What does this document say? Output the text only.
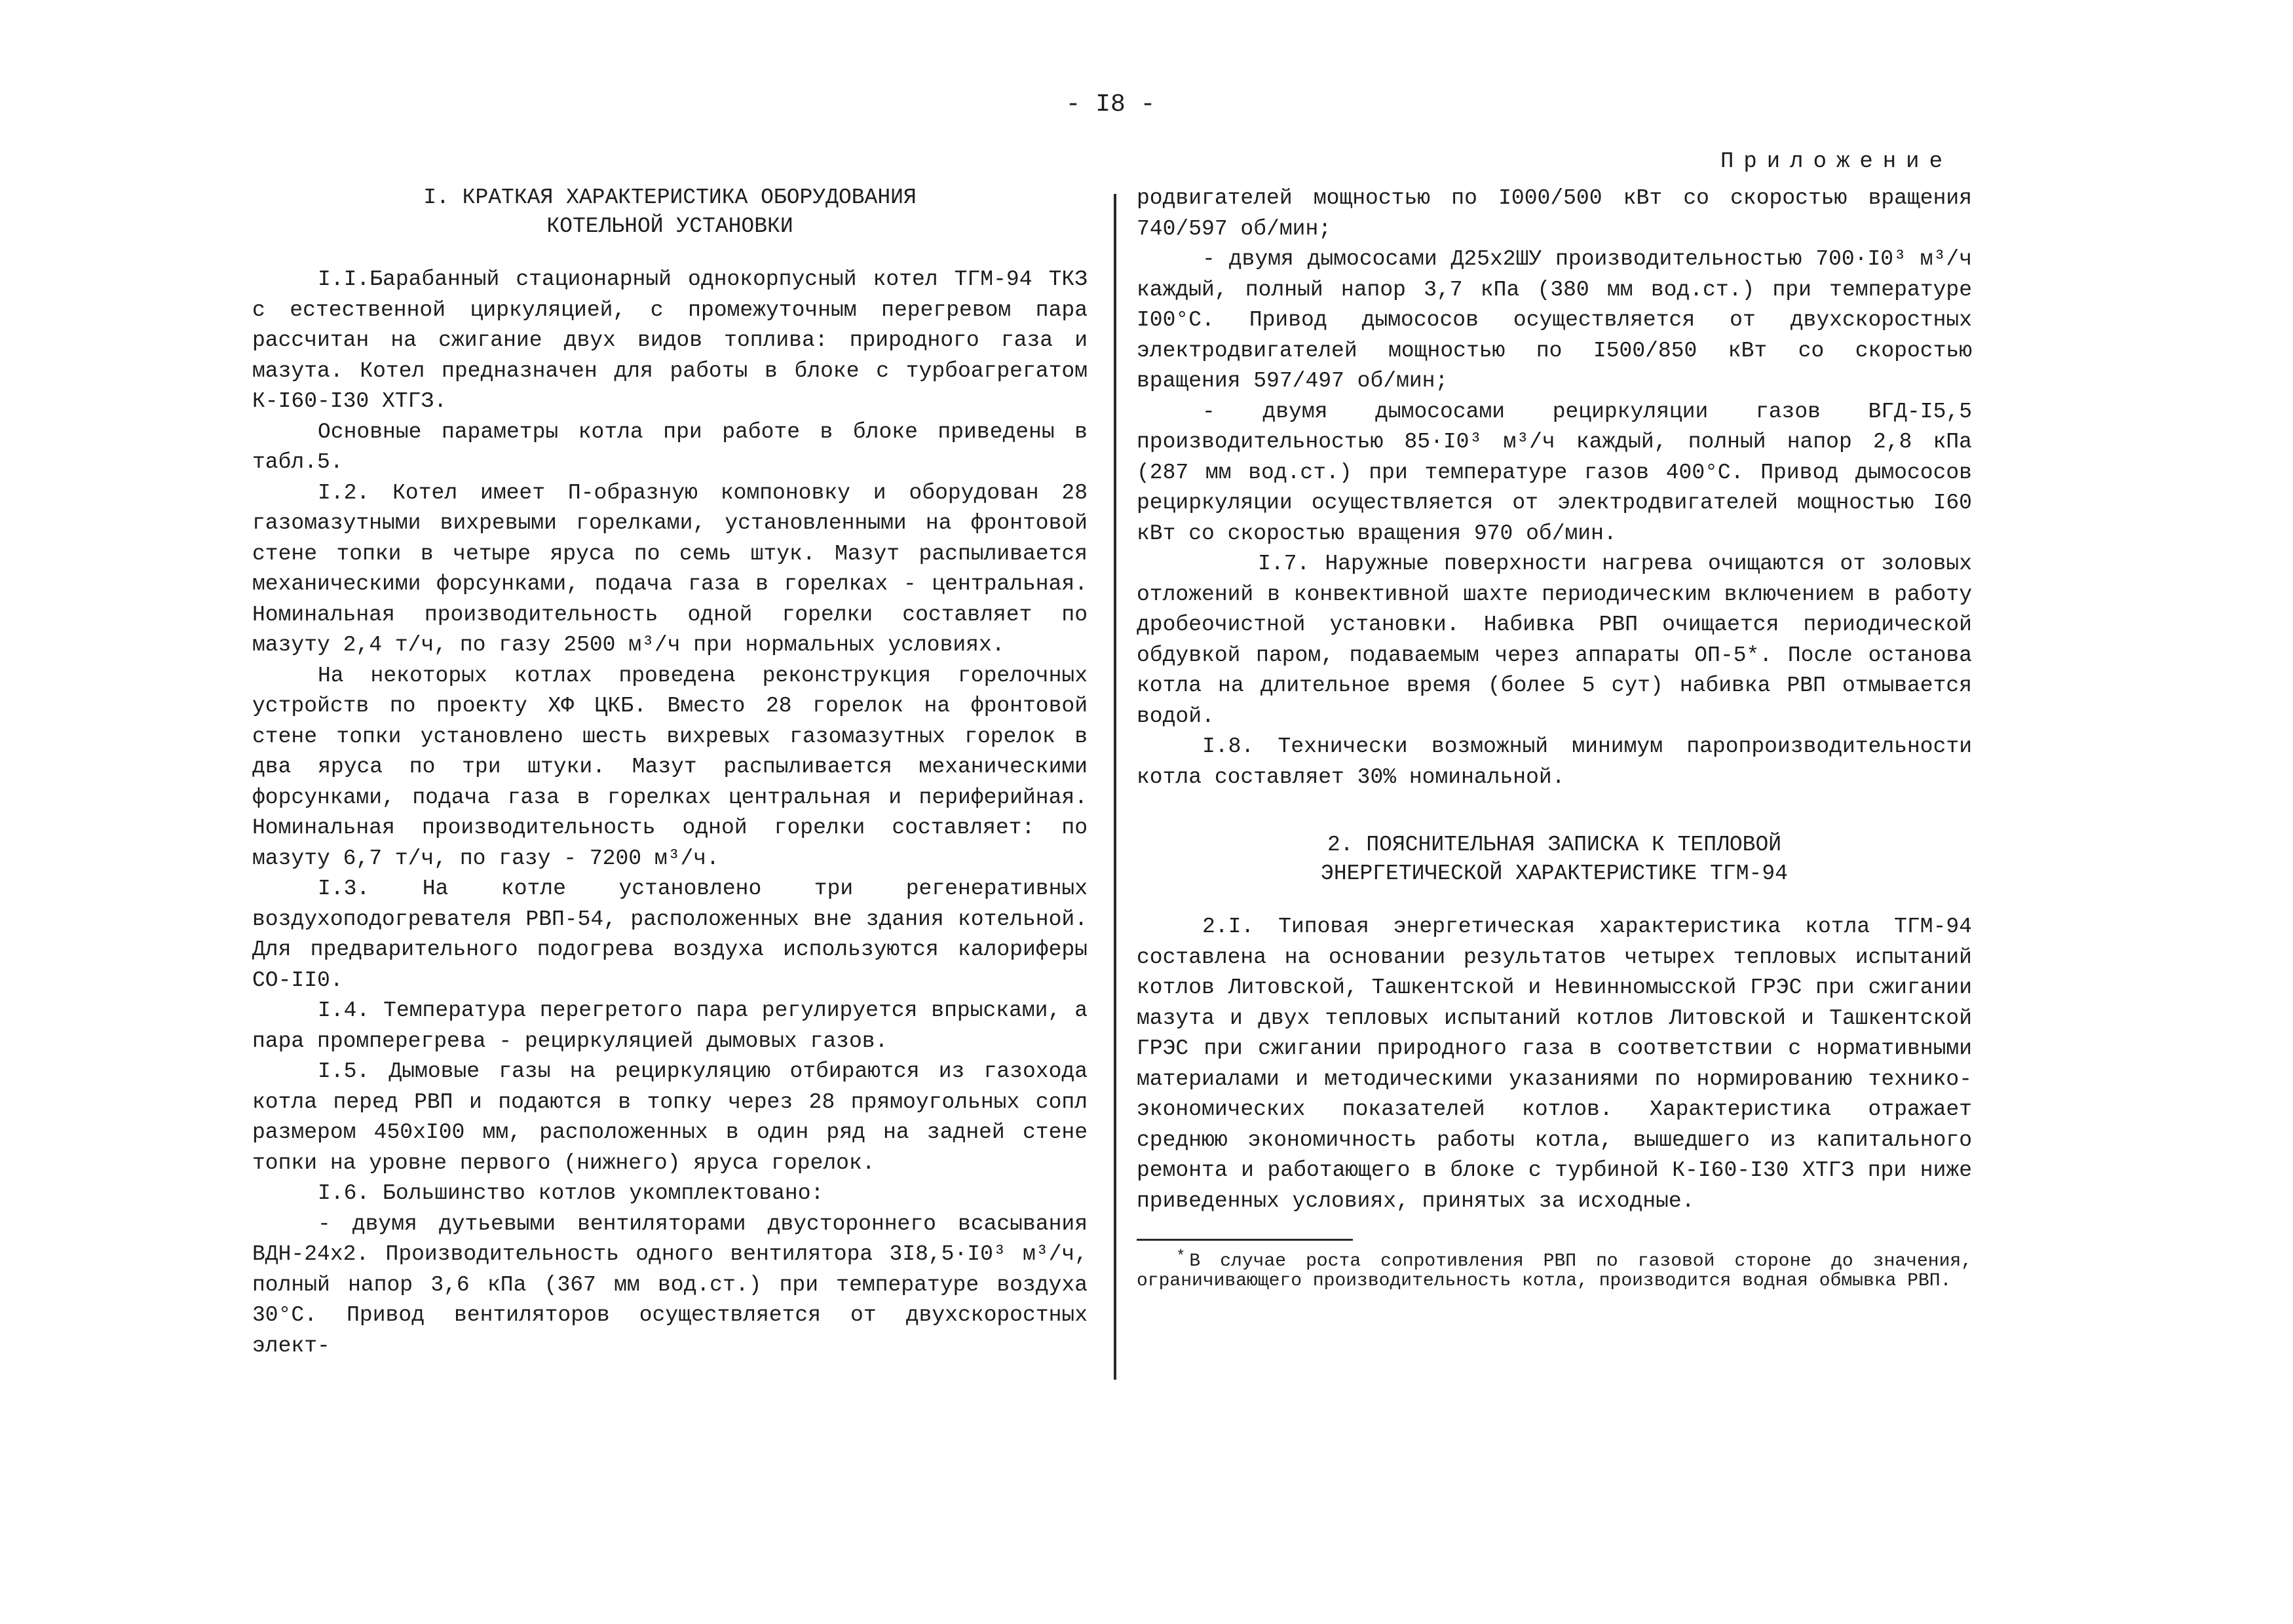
- I8 -
Приложение

I. КРАТКАЯ ХАРАКТЕРИСТИКА ОБОРУДОВАНИЯ

КОТЕЛЬНОЙ УСТАНОВКИ

I.I.Барабанный стационарный однокорпусный котел ТГМ-94 ТКЗ с естественной циркуляцией, с промежуточным перегревом пара рассчитан на сжигание двух видов топлива: природного газа и мазута. Котел предназначен для работы в блоке с турбоагрегатом К-I60-I30 ХТГЗ.

Основные параметры котла при работе в блоке приведены в табл.5.

I.2. Котел имеет П-образную компоновку и оборудован 28 газомазутными вихревыми горелками, установленными на фронтовой стене топки в четыре яруса по семь штук. Мазут распыливается механическими форсунками, подача газа в горелках - центральная. Номинальная производительность одной горелки составляет по мазуту 2,4 т/ч, по газу 2500 м³/ч при нормальных условиях.

На некоторых котлах проведена реконструкция горелочных устройств по проекту ХФ ЦКБ. Вместо 28 горелок на фронтовой стене топки установлено шесть вихревых газомазутных горелок в два яруса по три штуки. Мазут распыливается механическими форсунками, подача газа в горелках центральная и периферийная. Номинальная производительность одной горелки составляет: по мазуту 6,7 т/ч, по газу - 7200 м³/ч.

I.3. На котле установлено три регенеративных воздухоподогревателя РВП-54, расположенных вне здания котельной. Для предварительного подогрева воздуха используются калориферы СО-II0.

I.4. Температура перегретого пара регулируется впрысками, а пара промперегрева - рециркуляцией дымовых газов.

I.5. Дымовые газы на рециркуляцию отбираются из газохода котла перед РВП и подаются в топку через 28 прямоугольных сопл размером 450хI00 мм, расположенных в один ряд на задней стене топки на уровне первого (нижнего) яруса горелок.

I.6. Большинство котлов укомплектовано:

- двумя дутьевыми вентиляторами двустороннего всасывания ВДН-24х2. Производительность одного вентилятора 3I8,5·I0³ м³/ч, полный напор 3,6 кПа (367 мм вод.ст.) при температуре воздуха 30°С. Привод вентиляторов осуществляется от двухскоростных элект-

родвигателей мощностью по I000/500 кВт со скоростью вращения 740/597 об/мин;

- двумя дымососами Д25х2ШУ производительностью 700·I0³ м³/ч каждый, полный напор 3,7 кПа (380 мм вод.ст.) при температуре I00°С. Привод дымососов осуществляется от двухскоростных электродвигателей мощностью по I500/850 кВт со скоростью вращения 597/497 об/мин;

- двумя дымососами рециркуляции газов ВГД-I5,5 производительностью 85·I0³ м³/ч каждый, полный напор 2,8 кПа (287 мм вод.ст.) при температуре газов 400°С. Привод дымососов рециркуляции осуществляется от электродвигателей мощностью I60 кВт со скоростью вращения 970 об/мин.

I.7. Наружные поверхности нагрева очищаются от золовых отложений в конвективной шахте периодическим включением в работу дробеочистной установки. Набивка РВП очищается периодической обдувкой паром, подаваемым через аппараты ОП-5*. После останова котла на длительное время (более 5 сут) набивка РВП отмывается водой.

I.8. Технически возможный минимум паропроизводительности котла составляет 30% номинальной.

2. ПОЯСНИТЕЛЬНАЯ ЗАПИСКА К ТЕПЛОВОЙ

ЭНЕРГЕТИЧЕСКОЙ ХАРАКТЕРИСТИКЕ ТГМ-94

2.I. Типовая энергетическая характеристика котла ТГМ-94 составлена на основании результатов четырех тепловых испытаний котлов Литовской, Ташкентской и Невинномысской ГРЭС при сжигании мазута и двух тепловых испытаний котлов Литовской и Ташкентской ГРЭС при сжигании природного газа в соответствии с нормативными материалами и методическими указаниями по нормированию технико-экономических показателей котлов. Характеристика отражает среднюю экономичность работы котла, вышедшего из капитального ремонта и работающего в блоке с турбиной К-I60-I30 ХТГЗ при ниже приведенных условиях, принятых за исходные.

* В случае роста сопротивления РВП по газовой стороне до значения, ограничивающего производительность котла, производится водная обмывка РВП.
